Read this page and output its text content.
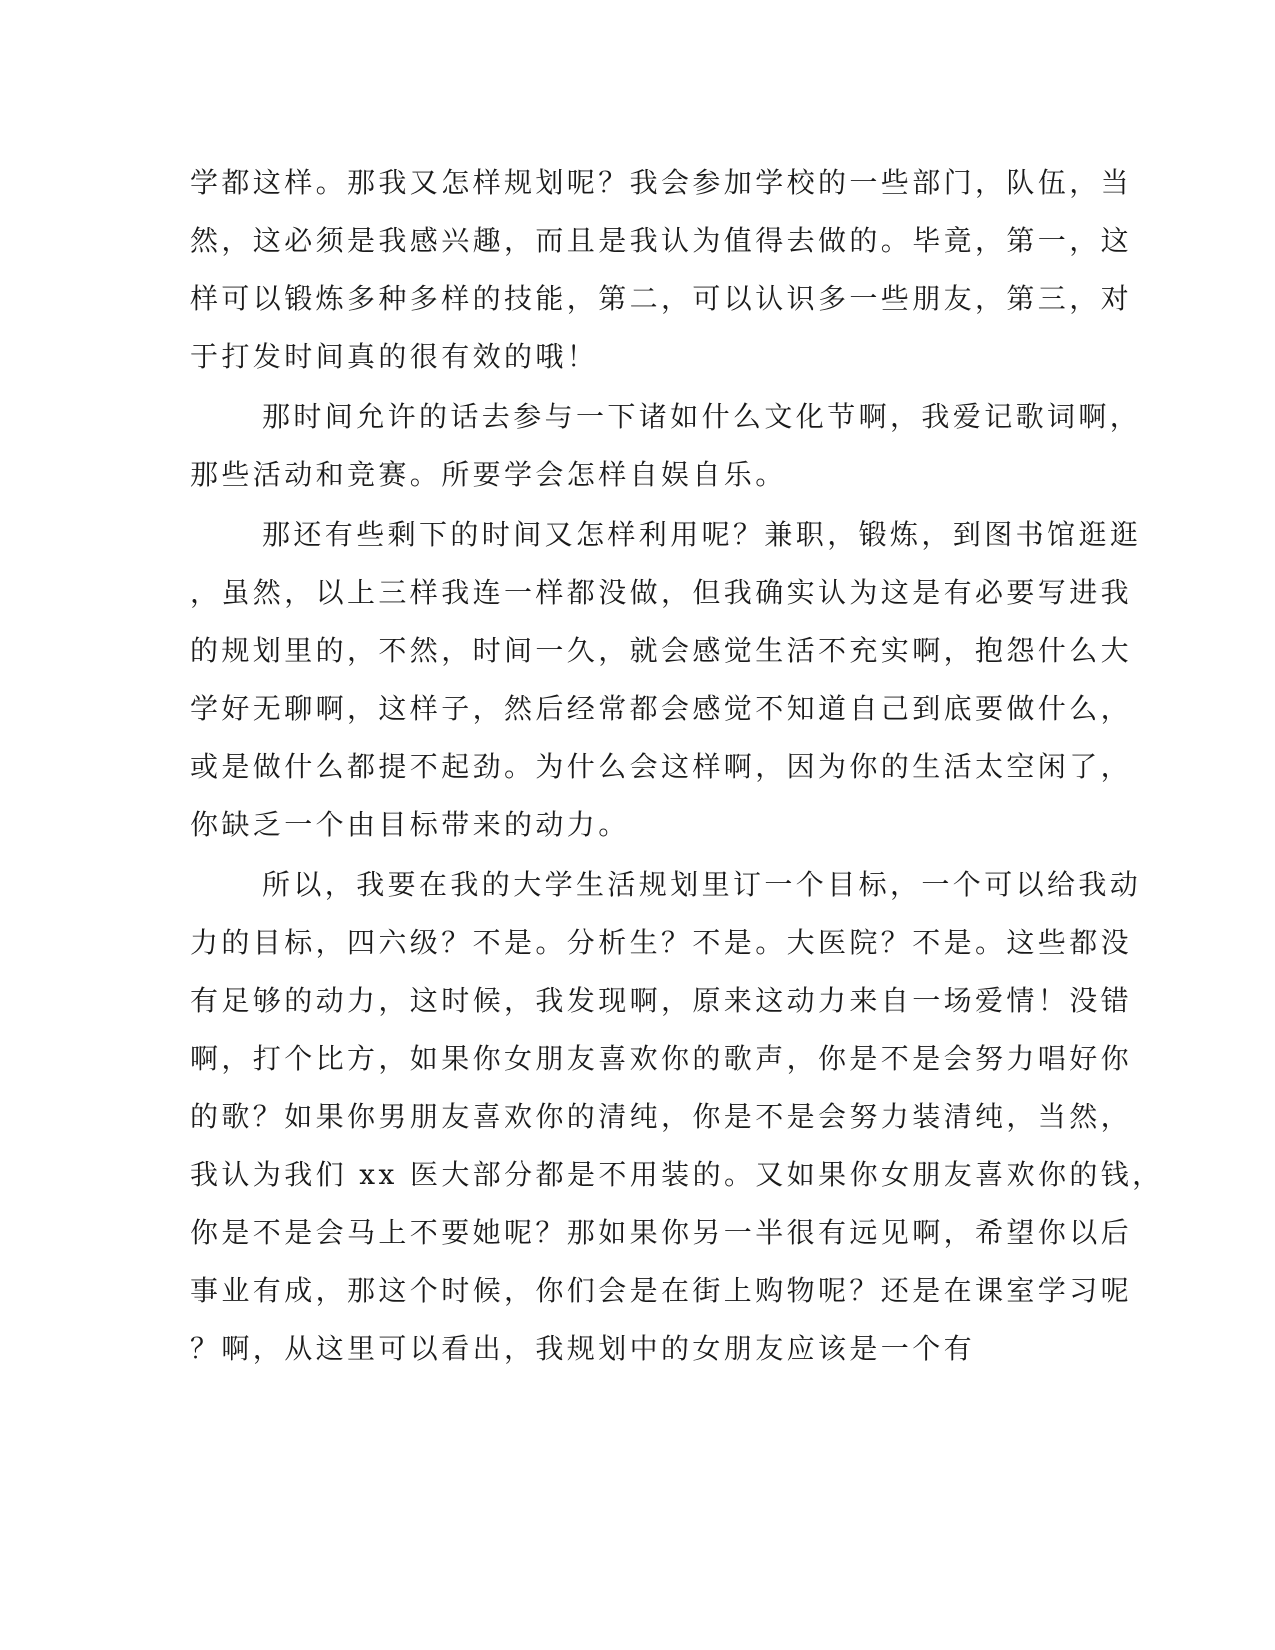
学都这样。那我又怎样规划呢？我会参加学校的一些部门，队伍，当
然，这必须是我感兴趣，而且是我认为值得去做的。毕竟，第一，这
样可以锻炼多种多样的技能，第二，可以认识多一些朋友，第三，对
于打发时间真的很有效的哦！
那时间允许的话去参与一下诸如什么文化节啊，我爱记歌词啊，
那些活动和竞赛。所要学会怎样自娱自乐。
那还有些剩下的时间又怎样利用呢？兼职，锻炼，到图书馆逛逛
，虽然，以上三样我连一样都没做，但我确实认为这是有必要写进我
的规划里的，不然，时间一久，就会感觉生活不充实啊，抱怨什么大
学好无聊啊，这样子，然后经常都会感觉不知道自己到底要做什么，
或是做什么都提不起劲。为什么会这样啊，因为你的生活太空闲了，
你缺乏一个由目标带来的动力。
所以，我要在我的大学生活规划里订一个目标，一个可以给我动
力的目标，四六级？不是。分析生？不是。大医院？不是。这些都没
有足够的动力，这时候，我发现啊，原来这动力来自一场爱情！没错
啊，打个比方，如果你女朋友喜欢你的歌声，你是不是会努力唱好你
的歌？如果你男朋友喜欢你的清纯，你是不是会努力装清纯，当然，
我认为我们 xx 医大部分都是不用装的。又如果你女朋友喜欢你的钱，
你是不是会马上不要她呢？那如果你另一半很有远见啊，希望你以后
事业有成，那这个时候，你们会是在街上购物呢？还是在课室学习呢
？啊，从这里可以看出，我规划中的女朋友应该是一个有
